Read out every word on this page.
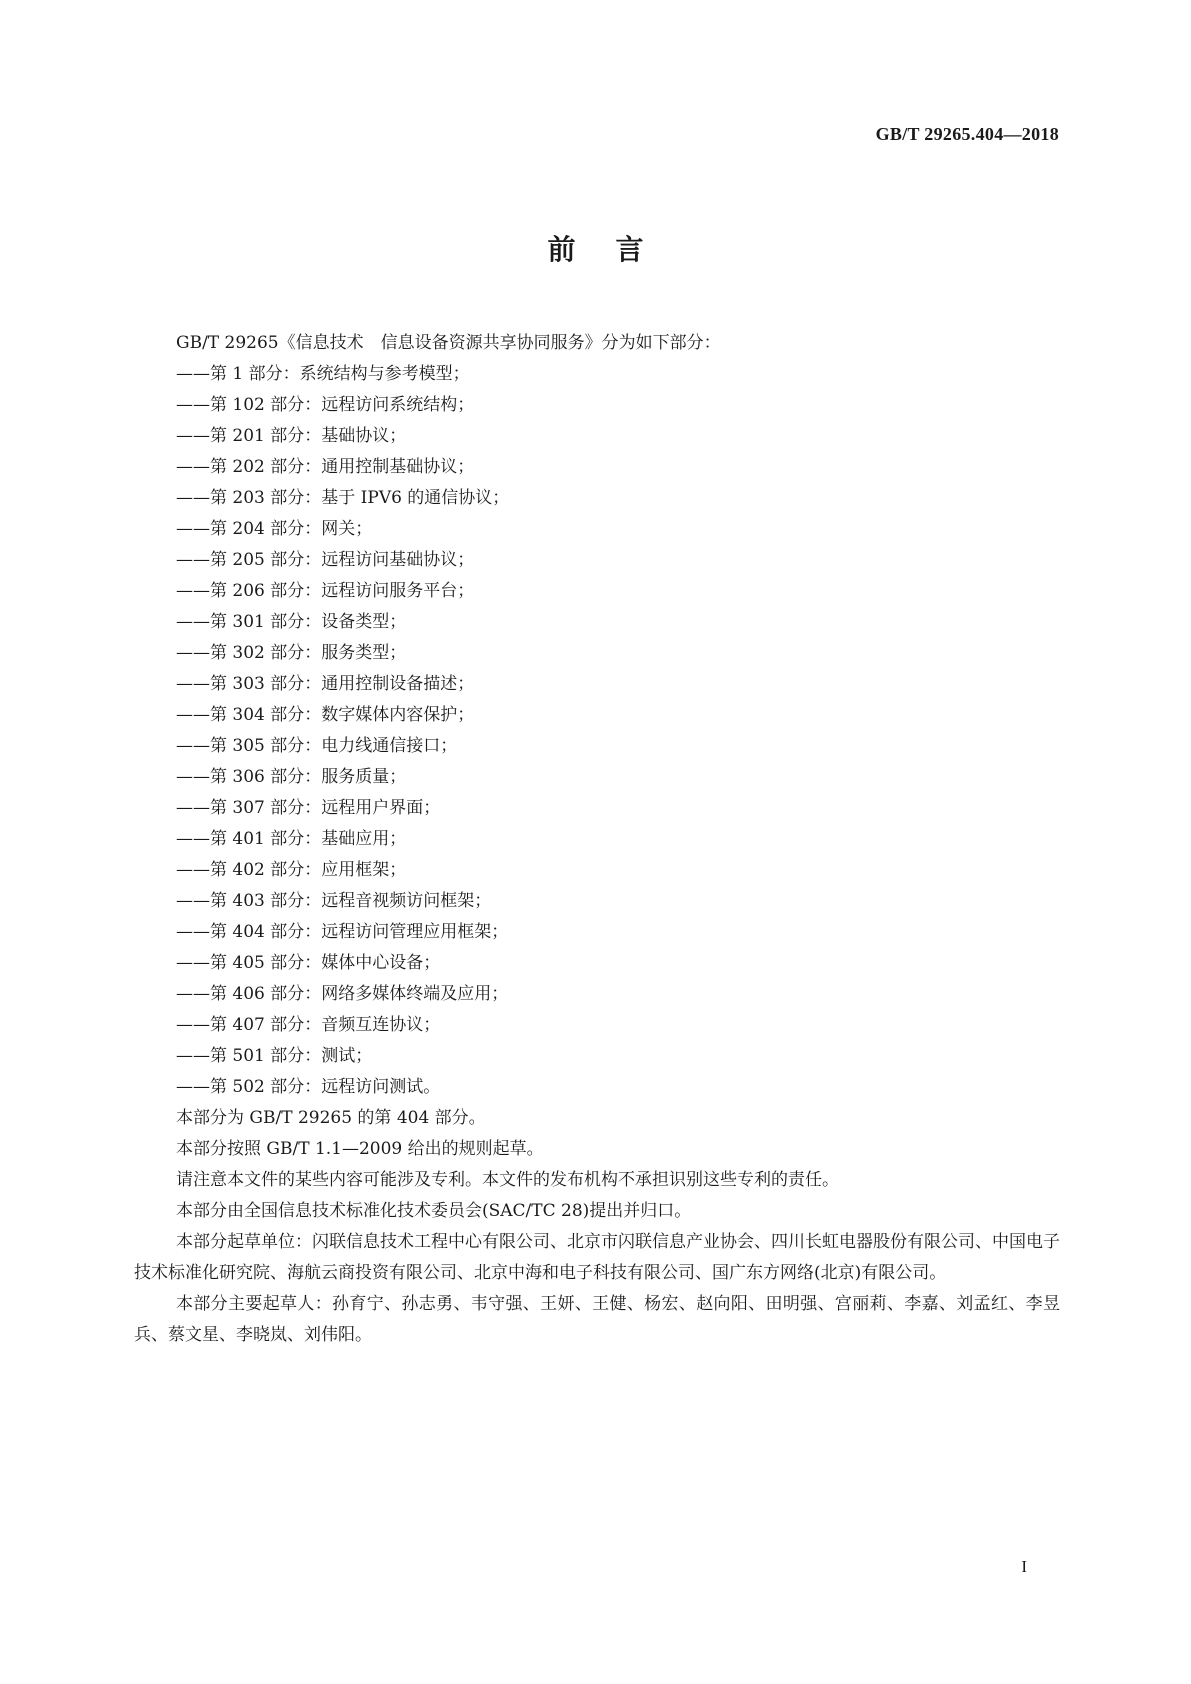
GB/T 29265.404—2018
前言
GB/T 29265《信息技术　信息设备资源共享协同服务》分为如下部分：
——第 1 部分：系统结构与参考模型；
——第 102 部分：远程访问系统结构；
——第 201 部分：基础协议；
——第 202 部分：通用控制基础协议；
——第 203 部分：基于 IPV6 的通信协议；
——第 204 部分：网关；
——第 205 部分：远程访问基础协议；
——第 206 部分：远程访问服务平台；
——第 301 部分：设备类型；
——第 302 部分：服务类型；
——第 303 部分：通用控制设备描述；
——第 304 部分：数字媒体内容保护；
——第 305 部分：电力线通信接口；
——第 306 部分：服务质量；
——第 307 部分：远程用户界面；
——第 401 部分：基础应用；
——第 402 部分：应用框架；
——第 403 部分：远程音视频访问框架；
——第 404 部分：远程访问管理应用框架；
——第 405 部分：媒体中心设备；
——第 406 部分：网络多媒体终端及应用；
——第 407 部分：音频互连协议；
——第 501 部分：测试；
——第 502 部分：远程访问测试。
本部分为 GB/T 29265 的第 404 部分。
本部分按照 GB/T 1.1—2009 给出的规则起草。
请注意本文件的某些内容可能涉及专利。本文件的发布机构不承担识别这些专利的责任。
本部分由全国信息技术标准化技术委员会(SAC/TC 28)提出并归口。
本部分起草单位：闪联信息技术工程中心有限公司、北京市闪联信息产业协会、四川长虹电器股份有限公司、中国电子技术标准化研究院、海航云商投资有限公司、北京中海和电子科技有限公司、国广东方网络(北京)有限公司。
本部分主要起草人：孙育宁、孙志勇、韦守强、王妍、王健、杨宏、赵向阳、田明强、宫丽莉、李嘉、刘孟红、李昱兵、蔡文星、李晓岚、刘伟阳。
I
